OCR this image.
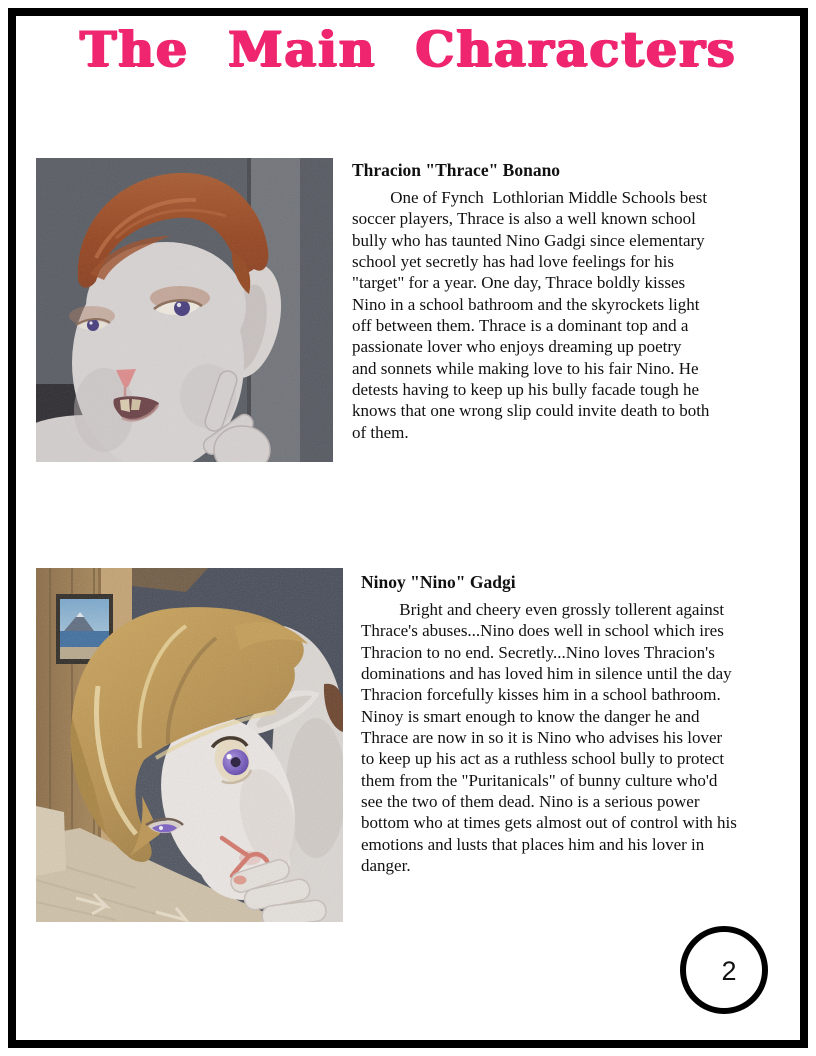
The Main Characters
Thracion "Thrace" Bonano
One of Fynch  Lothlorian Middle Schools best
soccer players, Thrace is also a well known school
bully who has taunted Nino Gadgi since elementary
school yet secretly has had love feelings for his
"target" for a year. One day, Thrace boldly kisses
Nino in a school bathroom and the skyrockets light
off between them. Thrace is a dominant top and a
passionate lover who enjoys dreaming up poetry
and sonnets while making love to his fair Nino. He
detests having to keep up his bully facade tough he
knows that one wrong slip could invite death to both
of them.
Ninoy "Nino" Gadgi
Bright and cheery even grossly tollerent against
Thrace's abuses...Nino does well in school which ires
Thracion to no end. Secretly...Nino loves Thracion's
dominations and has loved him in silence until the day
Thracion forcefully kisses him in a school bathroom.
Ninoy is smart enough to know the danger he and
Thrace are now in so it is Nino who advises his lover
to keep up his act as a ruthless school bully to protect
them from the "Puritanicals" of bunny culture who'd
see the two of them dead. Nino is a serious power
bottom who at times gets almost out of control with his
emotions and lusts that places him and his lover in
danger.
2
